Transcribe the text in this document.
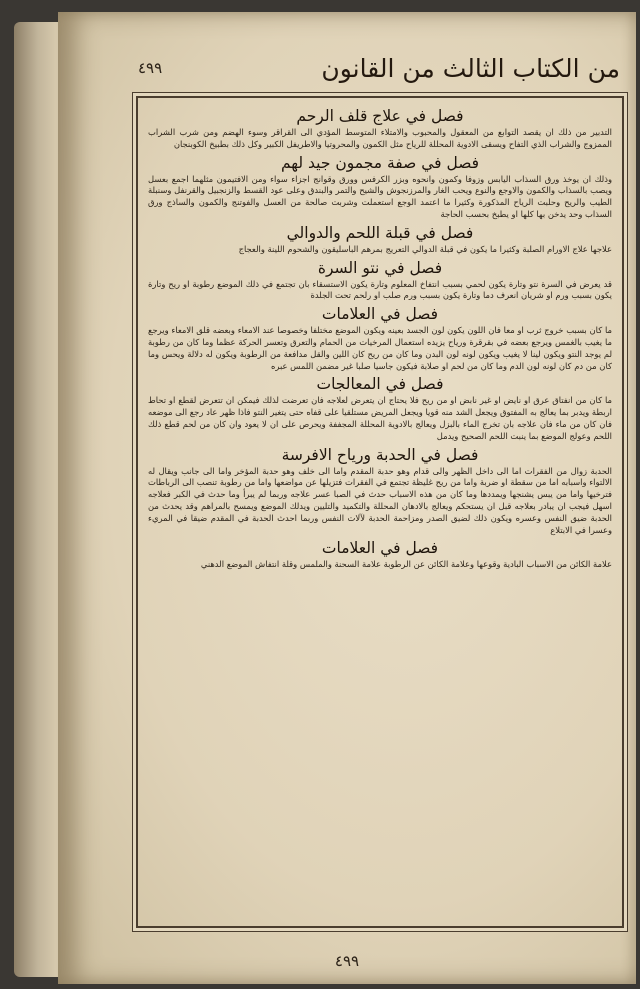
٤٩٩	من الكتاب الثالث من القانون
فصل في علاج قلف الرحم

التدبير من ذلك ان يقصد التوابع من المعقول والمحبوب والامتلاء المتوسط المؤدي الى القراقر وسوء الهضم ومن شرب الشراب الممزوج والشراب الذي التفاح ويسقى الادوية المحللة للرياح مثل الكمون والمحروتيا والاطريفل الكبير وكل ذلك بطبيخ الكوبنجان

فصل في صفة مجمون جيد لهم

وذلك ان يوخذ ورق السذاب اليابس وزوفا وكمون وانحوه وبزر الكرفس وورق وقوانج اجزاء سواء ومن الافتيمون مثلهما اجمع بعسل ويصب بالسذاب والكمون والاوجع والنوع ويحب الغار والمرزنجوش والشيح والتمر والبندق وعلى عود القسط والزنجبيل والقرنفل وسنبلة الطيب والريح وحلبت الرياح المذكورة وكثيرا ما اعتمد الوجع استعملت وشربت صالحة من العسل والفوتنج والكمون والساذج ورق السذاب وحد يدخن بها كلها او يطبخ بحسب الحاجة

فصل في قبلة اللحم والدوالي

علاجها علاج الاورام الصلبة وكثيرا ما يكون في قبلة الدوالي التعريج بمرهم الباسليقون والشحوم اللينة والعجاج

فصل في نتو السرة

قد يعرض في السرة نتو وتارة يكون لحمي بسبب انتفاخ المعلوم وتارة يكون الاستسقاء بان تجتمع في ذلك الموضع رطوبة او ريح وتارة يكون بسبب ورم او شريان انعرف دما وتارة يكون بسبب ورم صلب او رلحم تحت الجلدة

فصل في العلامات

ما كان بسبب خروج ثرب او معا فان اللون يكون لون الجسد بعينه ويكون الموضع مختلفا وخصوصا عند الامعاء وبعضه قلق الامعاء ويرجع ما يغيب بالغمس ويرجع بعضه في بقرقرة ورياح يزيده استعمال المرخيات من الحمام والتعرق وتعسر الحركة عظما وما كان من رطوبة لم يوجد النتو ويكون لينا لا يغيب ويكون لونه لون البدن وما كان من ريح كان اللين والقل مدافعة من الرطوبة ويكون له دلالة ويحس وما كان من دم كان لونه لون الدم وما كان من لحم او صلابة فيكون جاسيا صلبا غير مضمن اللمس عبره

فصل في المعالجات

ما كان من انفتاق عرق او نايض او غير نابض او من ريح فلا يحتاج ان يتعرض لعلاجه فان تعرضت لذلك فيمكن ان تتعرض لقطع او تحاط اربطة ويدبر بما يعالج به المفتوق ويجعل الشد منه قويا ويجعل المريض مستلقيا على قفاه حتى يتغير النتو فاذا ظهر عاد رجع الى موضعه فان كان من ماء فان علاجه بان تخرج الماء بالبزل ويعالج بالادوية المحللة المجففة ويحرص على ان لا يعود وان كان من لحم قطع ذلك اللحم وعولج الموضع بما ينبت اللحم الصحيح ويدمل

فصل في الحدبة ورياح الافرسة

الحدبة زوال من الفقرات اما الى داخل الظهر والى قدام وهو حدبة المقدم واما الى خلف وهو حدبة المؤخر واما الى جانب ويقال له الالتواء واسبابه اما من سقطة او ضربة واما من ريح غليظة تجتمع في الفقرات فتزيلها عن مواضعها واما من رطوبة تنصب الى الرباطات فترخيها واما من يبس يشنجها ويمددها وما كان من هذه الاسباب حدث في الصبا عسر علاجه وربما لم يبرأ وما حدث في الكبر فعلاجه اسهل فيجب ان يبادر بعلاجه قبل ان يستحكم ويعالج بالادهان المحللة والتكميد والتليين ويدلك الموضع ويمسح بالمراهم وقد يحدث من الحدبة ضيق النفس وعسره ويكون ذلك لضيق الصدر ومزاحمة الحدبة لآلات النفس وربما احدث الحدبة في المقدم ضيقا في المريء وعسرا في الابتلاع

فصل في العلامات

علامة الكائن من الاسباب البادية وقوعها وعلامة الكائن عن الرطوبة علامة السحنة والملمس وقلة انتفاش الموضع الدهني

٤٩٩
